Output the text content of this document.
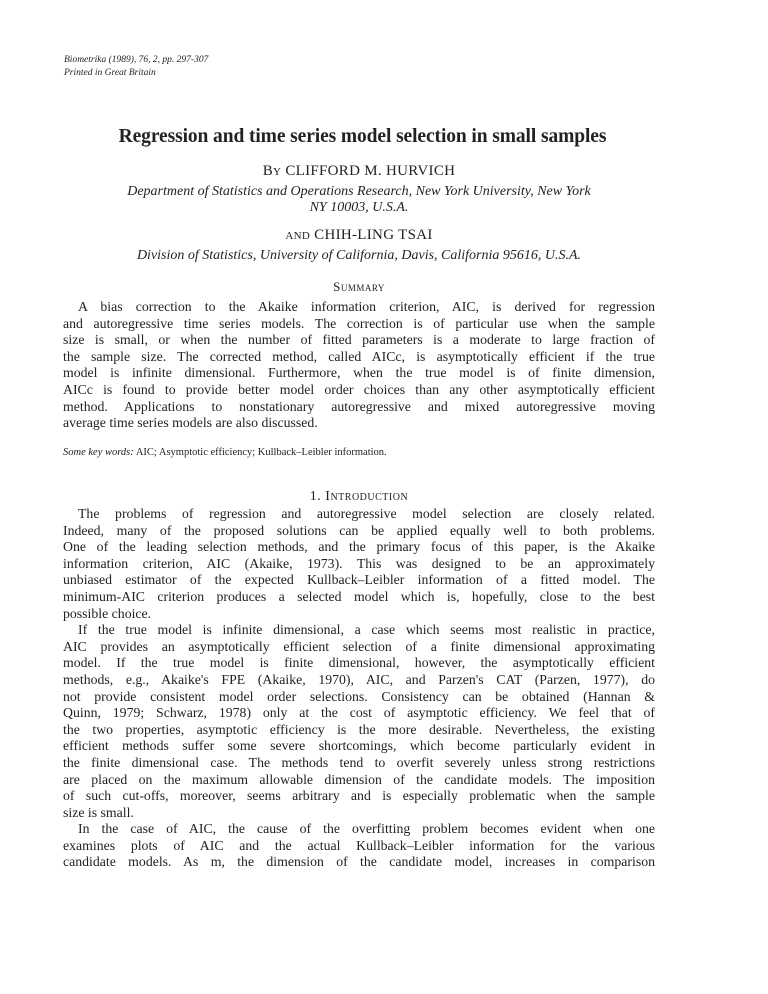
Biometrika (1989), 76, 2, pp. 297-307
Printed in Great Britain
Regression and time series model selection in small samples
By CLIFFORD M. HURVICH
Department of Statistics and Operations Research, New York University, New York
NY 10003, U.S.A.
and CHIH-LING TSAI
Division of Statistics, University of California, Davis, California 95616, U.S.A.
Summary
A bias correction to the Akaike information criterion, AIC, is derived for regression
and autoregressive time series models. The correction is of particular use when the sample
size is small, or when the number of fitted parameters is a moderate to large fraction of
the sample size. The corrected method, called AICc, is asymptotically efficient if the true
model is infinite dimensional. Furthermore, when the true model is of finite dimension,
AICc is found to provide better model order choices than any other asymptotically efficient
method. Applications to nonstationary autoregressive and mixed autoregressive moving
average time series models are also discussed.
Some key words: AIC; Asymptotic efficiency; Kullback–Leibler information.
1. Introduction
The problems of regression and autoregressive model selection are closely related.
Indeed, many of the proposed solutions can be applied equally well to both problems.
One of the leading selection methods, and the primary focus of this paper, is the Akaike
information criterion, AIC (Akaike, 1973). This was designed to be an approximately
unbiased estimator of the expected Kullback–Leibler information of a fitted model. The
minimum-AIC criterion produces a selected model which is, hopefully, close to the best
possible choice.
If the true model is infinite dimensional, a case which seems most realistic in practice,
AIC provides an asymptotically efficient selection of a finite dimensional approximating
model. If the true model is finite dimensional, however, the asymptotically efficient
methods, e.g., Akaike's FPE (Akaike, 1970), AIC, and Parzen's CAT (Parzen, 1977), do
not provide consistent model order selections. Consistency can be obtained (Hannan &
Quinn, 1979; Schwarz, 1978) only at the cost of asymptotic efficiency. We feel that of
the two properties, asymptotic efficiency is the more desirable. Nevertheless, the existing
efficient methods suffer some severe shortcomings, which become particularly evident in
the finite dimensional case. The methods tend to overfit severely unless strong restrictions
are placed on the maximum allowable dimension of the candidate models. The imposition
of such cut-offs, moreover, seems arbitrary and is especially problematic when the sample
size is small.
In the case of AIC, the cause of the overfitting problem becomes evident when one
examines plots of AIC and the actual Kullback–Leibler information for the various
candidate models. As m, the dimension of the candidate model, increases in comparison
